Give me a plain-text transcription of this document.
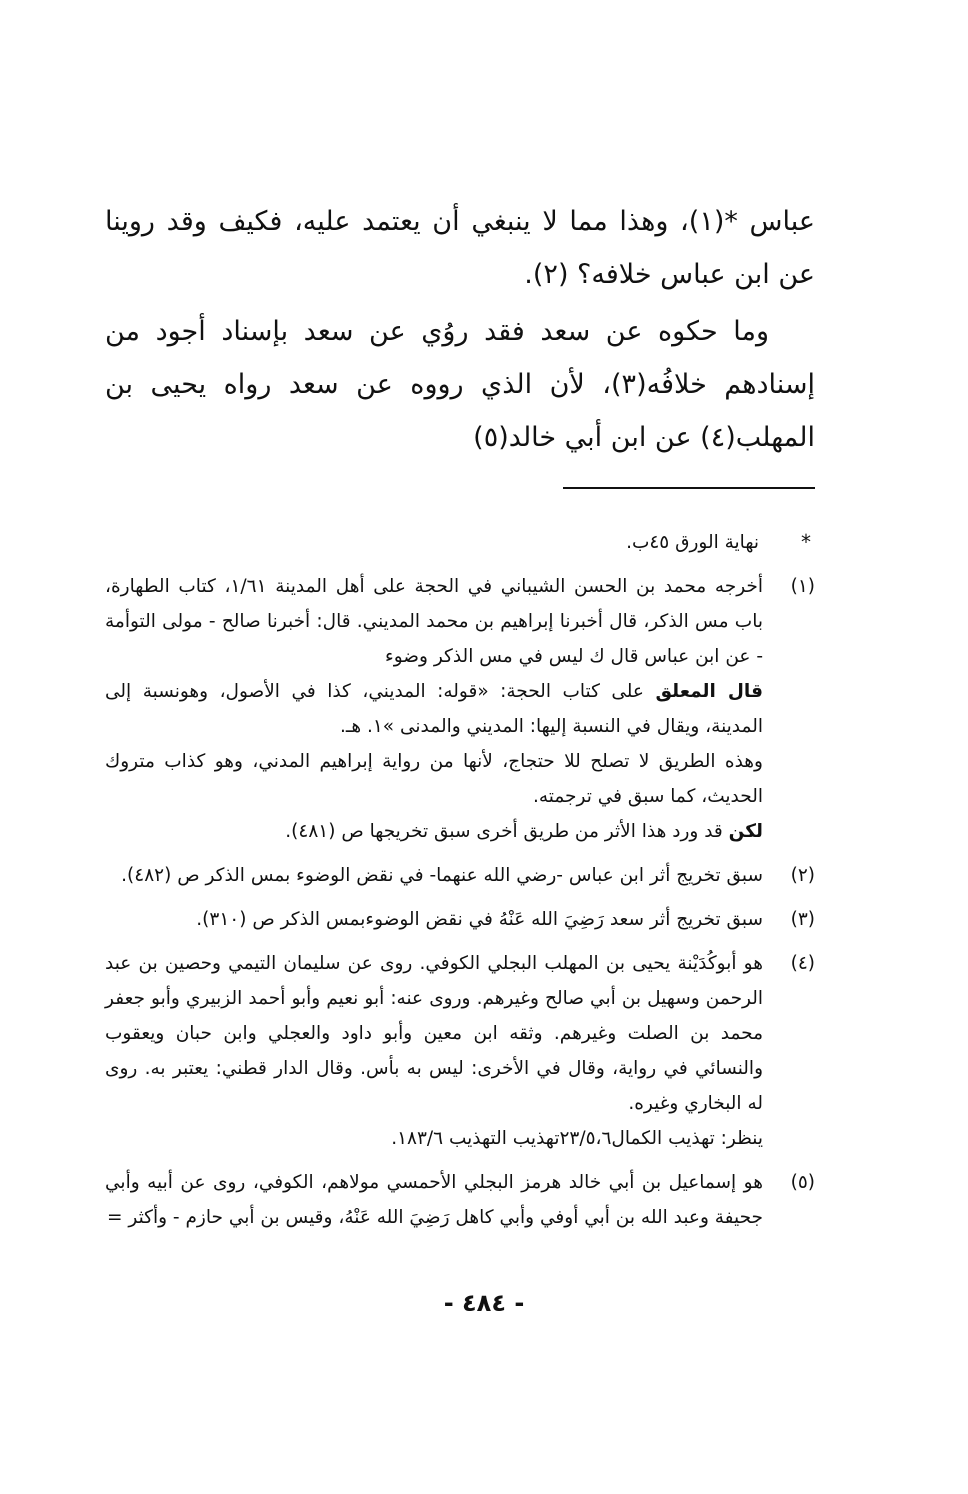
عباس *(١)، وهذا مما لا ينبغي أن يعتمد عليه، فكيف وقد روينا عن ابن عباس خلافه؟ (٢).

وما حكوه عن سعد فقد روُي عن سعد بإسناد أجود من إسنادهم خلافُه(٣)، لأن الذي رووه عن سعد رواه يحيى بن المهلب(٤) عن ابن أبي خالد(٥)

*
نهاية الورق ٤٥ب.
(١)
أخرجه محمد بن الحسن الشيباني في الحجة على أهل المدينة ١/٦١، كتاب الطهارة، باب مس الذكر، قال أخبرنا إبراهيم بن محمد المديني. قال: أخبرنا صالح - مولى التوأمة - عن ابن عباس قال ك ليس في مس الذكر وضوء
قال المعلق على كتاب الحجة: «قوله: المديني، كذا في الأصول، وهونسبة إلى المدينة، ويقال في النسبة إليها: المديني والمدنى »١. هـ.
وهذه الطريق لا تصلح للا حتجاج، لأنها من رواية إبراهيم المدني، وهو كذاب متروك الحديث، كما سبق في ترجمته.
لكن قد ورد هذا الأثر من طريق أخرى سبق تخريجها ص (٤٨١).
(٢)
سبق تخريج أثر ابن عباس -رضي الله عنهما- في نقض الوضوء بمس الذكر ص (٤٨٢).
(٣)
سبق تخريج أثر سعد رَضِيَ الله عَنْهُ في نقض الوضوءبمس الذكر ص (٣١٠).
(٤)
هو أبوكُدَيْنة يحيى بن المهلب البجلي الكوفي. روى عن سليمان التيمي وحصين بن عبد الرحمن وسهيل بن أبي صالح وغيرهم. وروى عنه: أبو نعيم وأبو أحمد الزبيري وأبو جعفر محمد بن الصلت وغيرهم. وثقه ابن معين وأبو داود والعجلي وابن حبان ويعقوب والنسائي في رواية، وقال في الأخرى: ليس به بأس. وقال الدار قطني: يعتبر به. روى له البخاري وغيره.
ينظر: تهذيب الكمال٢٣/٥،٦تهذيب التهذيب ١٨٣/٦.
(٥)
هو إسماعيل بن أبي خالد هرمز البجلي الأحمسي مولاهم، الكوفي، روى عن أبيه وأبي جحيفة وعبد الله بن أبي أوفي وأبي كاهل رَضِيَ الله عَنْهُ، وقيس بن أبي حازم - وأكثر =
- ٤٨٤ -
